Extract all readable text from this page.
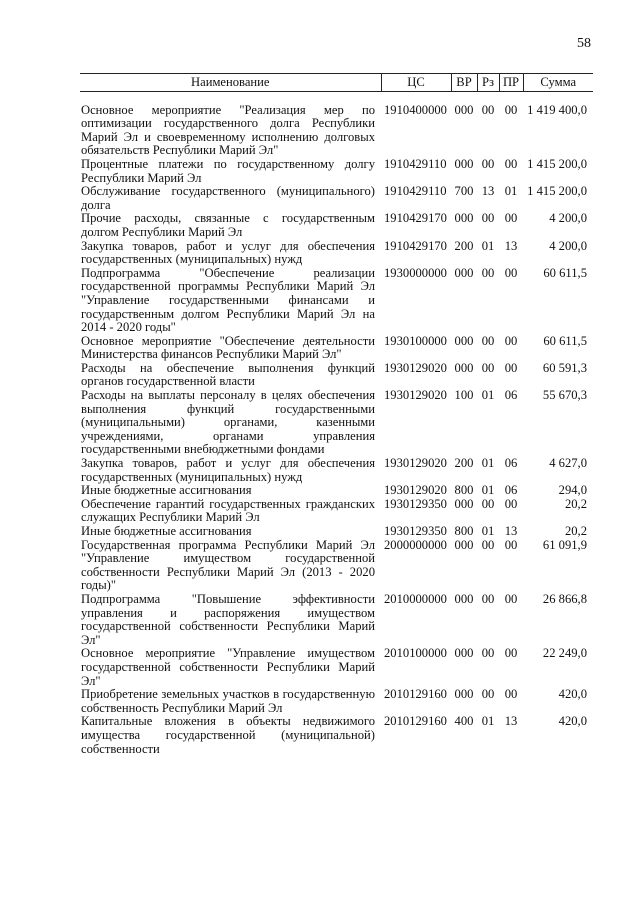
58
Наименование	ЦС	ВР	Рз	ПР	Сумма
Основное мероприятие "Реализация мер по оптимизации государственного долга Республики Марий Эл и своевременному исполнению долговых обязательств Республики Марий Эл"	1910400000	000	00	00	1 419 400,0
Процентные платежи по государственному долгу Республики Марий Эл	1910429110	000	00	00	1 415 200,0
Обслуживание государственного (муниципального) долга	1910429110	700	13	01	1 415 200,0
Прочие расходы, связанные с государственным долгом Республики Марий Эл	1910429170	000	00	00	4 200,0
Закупка товаров, работ и услуг для обеспечения государственных (муниципальных) нужд	1910429170	200	01	13	4 200,0
Подпрограмма "Обеспечение реализации государственной программы Республики Марий Эл "Управление государственными финансами и государственным долгом Республики Марий Эл на 2014 - 2020 годы"	1930000000	000	00	00	60 611,5
Основное мероприятие "Обеспечение деятельности Министерства финансов Республики Марий Эл"	1930100000	000	00	00	60 611,5
Расходы на обеспечение выполнения функций органов государственной власти	1930129020	000	00	00	60 591,3
Расходы на выплаты персоналу в целях обеспечения выполнения функций государственными (муниципальными) органами, казенными учреждениями, органами управления государственными внебюджетными фондами	1930129020	100	01	06	55 670,3
Закупка товаров, работ и услуг для обеспечения государственных (муниципальных) нужд	1930129020	200	01	06	4 627,0
Иные бюджетные ассигнования	1930129020	800	01	06	294,0
Обеспечение гарантий государственных гражданских служащих Республики Марий Эл	1930129350	000	00	00	20,2
Иные бюджетные ассигнования	1930129350	800	01	13	20,2
Государственная программа Республики Марий Эл "Управление имуществом государственной собственности Республики Марий Эл (2013 - 2020 годы)"	2000000000	000	00	00	61 091,9
Подпрограмма "Повышение эффективности управления и распоряжения имуществом государственной собственности Республики Марий Эл"	2010000000	000	00	00	26 866,8
Основное мероприятие "Управление имуществом государственной собственности Республики Марий Эл"	2010100000	000	00	00	22 249,0
Приобретение земельных участков в государственную собственность Республики Марий Эл	2010129160	000	00	00	420,0
Капитальные вложения в объекты недвижимого имущества государственной (муниципальной) собственности	2010129160	400	01	13	420,0
